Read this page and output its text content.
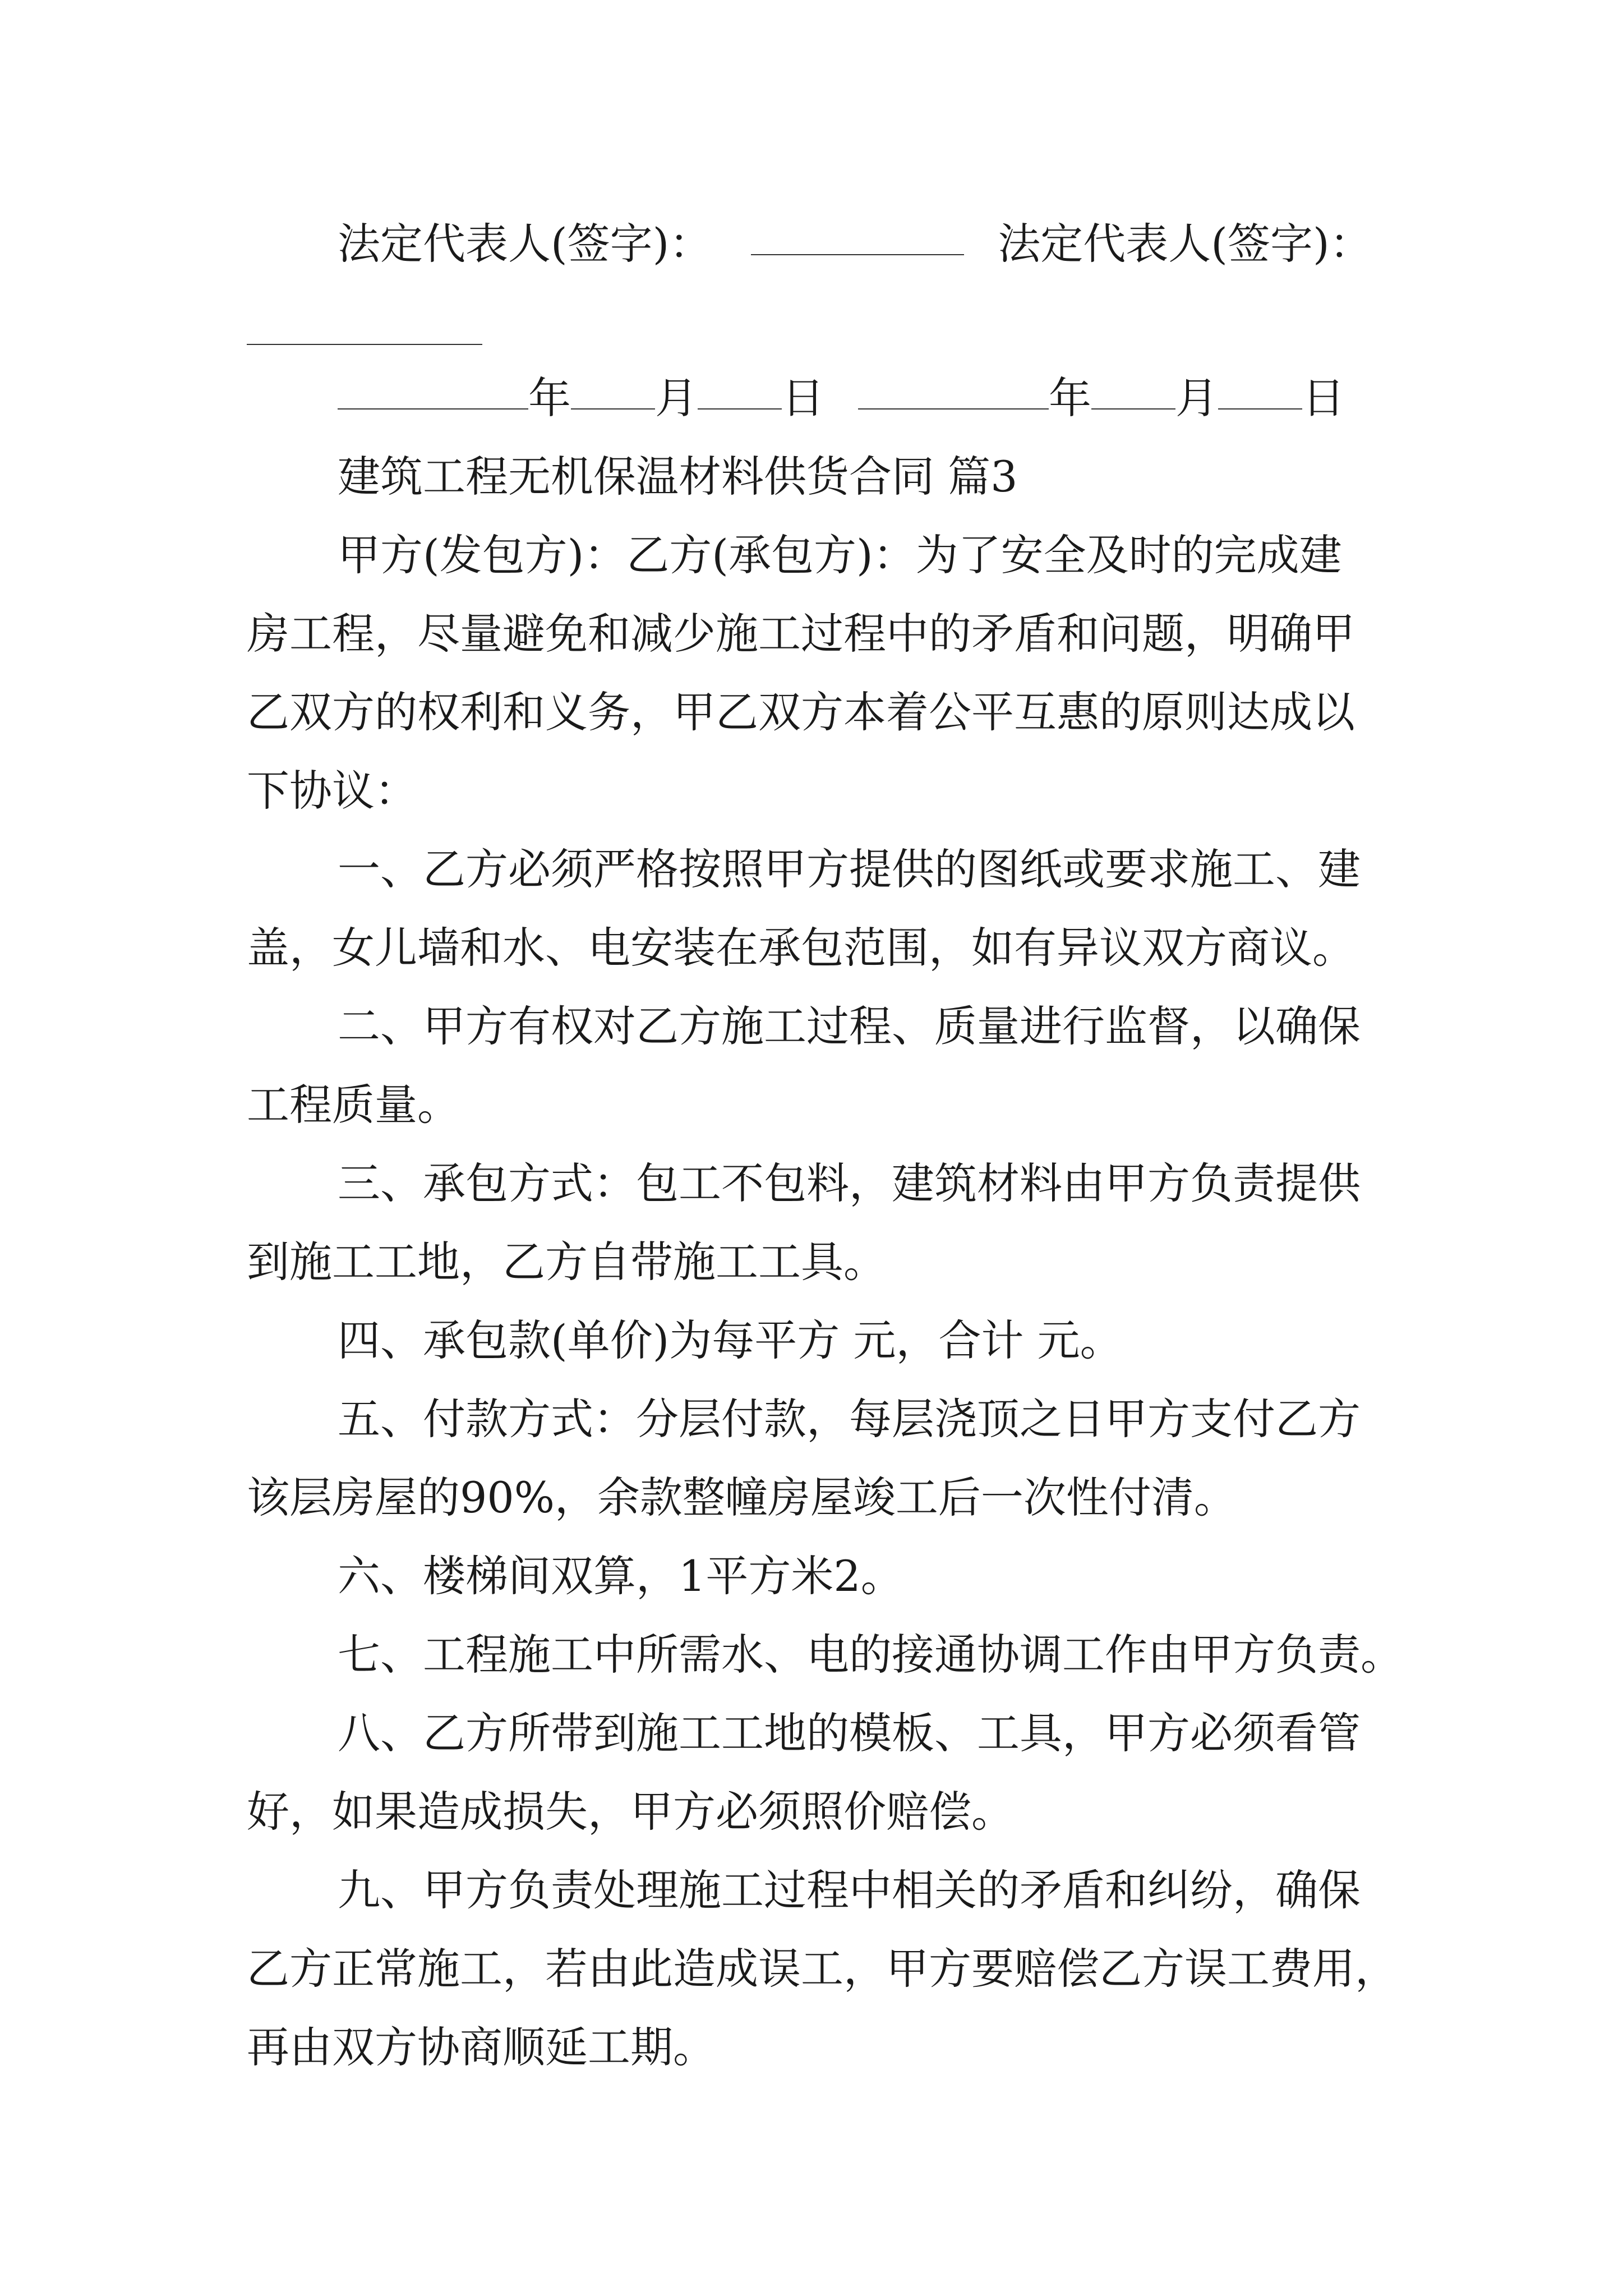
法定代表人(签字)：	法定代表人(签字)：
年 月 日	年 月 日
建筑工程无机保温材料供货合同 篇3
甲方(发包方)：乙方(承包方)：为了安全及时的完成建
房工程，尽量避免和减少施工过程中的矛盾和问题，明确甲
乙双方的权利和义务，甲乙双方本着公平互惠的原则达成以
下协议：
一、乙方必须严格按照甲方提供的图纸或要求施工、建
盖，女儿墙和水、电安装在承包范围，如有异议双方商议。
二、甲方有权对乙方施工过程、质量进行监督，以确保
工程质量。
三、承包方式：包工不包料，建筑材料由甲方负责提供
到施工工地，乙方自带施工工具。
四、承包款(单价)为每平方 元，合计 元。
五、付款方式：分层付款，每层浇顶之日甲方支付乙方
该层房屋的90%，余款整幢房屋竣工后一次性付清。
六、楼梯间双算，1平方米2。
七、工程施工中所需水、电的接通协调工作由甲方负责。
八、乙方所带到施工工地的模板、工具，甲方必须看管
好，如果造成损失，甲方必须照价赔偿。
九、甲方负责处理施工过程中相关的矛盾和纠纷，确保
乙方正常施工，若由此造成误工，甲方要赔偿乙方误工费用，
再由双方协商顺延工期。
